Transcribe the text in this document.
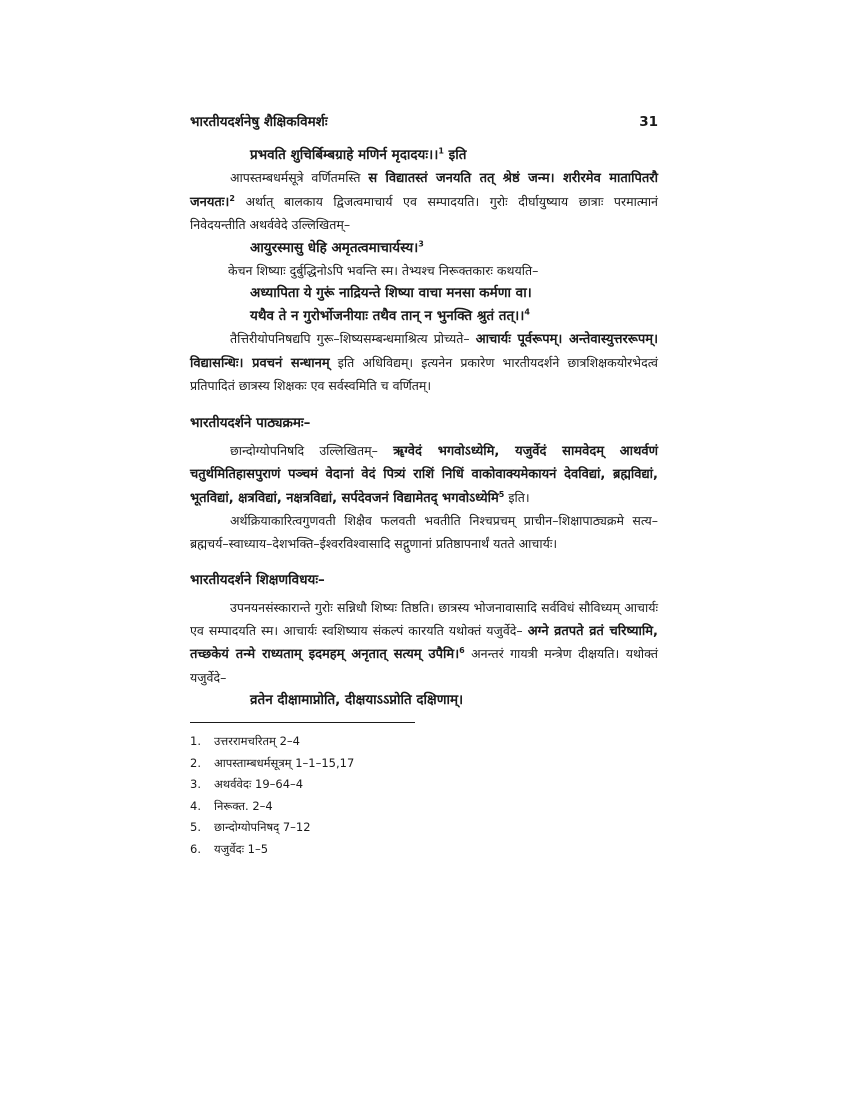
भारतीयदर्शनेषु शैक्षिकविमर्शः	31

प्रभवति शुचिर्बिम्बग्राहे मणिर्न मृदादयः।।$^1$ इति

आपस्तम्बधर्मसूत्रे वर्णितमस्ति स विद्यातस्तं जनयति तत् श्रेष्ठं जन्म। शरीरमेव मातापितरौ जनयतः।$^2$ अर्थात् बालकाय द्विजत्वमाचार्य एव सम्पादयति। गुरोः दीर्घायुष्याय छात्राः परमात्मानं निवेदयन्तीति अथर्ववेदे उल्लिखितम्–

आयुरस्मासु धेहि अमृतत्वमाचार्यस्य।$^3$

केचन शिष्याः दुर्बुद्धिनोऽपि भवन्ति स्म। तेभ्यश्च निरूक्तकारः कथयति–

अध्यापिता ये गुरूं नाद्रियन्ते शिष्या वाचा मनसा कर्मणा वा।

यथैव ते न गुरोर्भोजनीयाः तथैव तान् न भुनक्ति श्रुतं तत्।।$^4$

तैत्तिरीयोपनिषद्यपि गुरू–शिष्यसम्बन्धमाश्रित्य प्रोच्यते– आचार्यः पूर्वरूपम्। अन्तेवास्युत्तररूपम्। विद्यासन्धिः। प्रवचनं सन्धानम् इति अधिविद्यम्। इत्यनेन प्रकारेण भारतीयदर्शने छात्रशिक्षकयोरभेदत्वं प्रतिपादितं छात्रस्य शिक्षकः एव सर्वस्वमिति च वर्णितम्।

भारतीयदर्शने पाठ्यक्रमः–

छान्दोग्योपनिषदि उल्लिखितम्– ॠग्वेदं भगवोऽध्येमि, यजुर्वेदं सामवेदम् आथर्वणं चतुर्थमितिहासपुराणं पञ्चमं वेदानां वेदं पित्र्यं राशिं निधिं वाकोवाक्यमेकायनं देवविद्यां, ब्रह्मविद्यां, भूतविद्यां, क्षत्रविद्यां, नक्षत्रविद्यां, सर्पदेवजनं विद्यामेतद् भगवोऽध्येमि$^5$ इति।

अर्थक्रियाकारित्वगुणवती शिक्षैव फलवती भवतीति निश्चप्रचम् प्राचीन–शिक्षापाठ्यक्रमे सत्य–ब्रह्मचर्य–स्वाध्याय–देशभक्ति–ईश्वरविश्वासादि सद्गुणानां प्रतिष्ठापनार्थं यतते आचार्यः।

भारतीयदर्शने शिक्षणविधयः–

उपनयनसंस्कारान्ते गुरोः सन्निधौ शिष्यः तिष्ठति। छात्रस्य भोजनावासादि सर्वविधं सौविध्यम् आचार्यः एव सम्पादयति स्म। आचार्यः स्वशिष्याय संकल्पं कारयति यथोक्तं यजुर्वेदे– अग्ने व्रतपते व्रतं चरिष्यामि, तच्छकेयं तन्मे राध्यताम् इदमहम् अनृतात् सत्यम् उपैमि।$^6$ अनन्तरं गायत्री मन्त्रेण दीक्षयति। यथोक्तं यजुर्वेदे–

व्रतेन दीक्षामाप्नोति, दीक्षयाऽऽप्नोति दक्षिणाम्।

1.	उत्तररामचरितम् 2–4
2.	आपस्ताम्बधर्मसूत्रम् 1–1–15,17
3.	अथर्ववेदः 19–64–4
4.	निरूक्त. 2–4
5.	छान्दोग्योपनिषद् 7–12
6.	यजुर्वेदः 1–5
